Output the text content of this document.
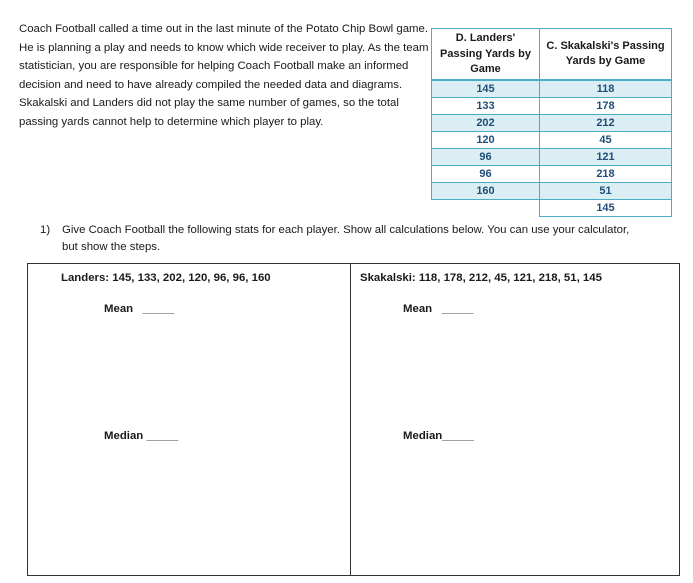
Coach Football called a time out in the last minute of the Potato Chip Bowl game. He is planning a play and needs to know which wide receiver to play. As the team statistician, you are responsible for helping Coach Football make an informed decision and need to have already compiled the needed data and diagrams. Skakalski and Landers did not play the same number of games, so the total passing yards cannot help to determine which player to play.
D. Landers' Passing Yards by Game	C. Skakalski's Passing Yards by Game
145	118
133	178
202	212
120	45
96	121
96	218
160	51
	145
1) Give Coach Football the following stats for each player. Show all calculations below. You can use your calculator, but show the steps.
Landers: 145, 133, 202, 120, 96, 96, 160
Mean   _____
Median _____
Skakalski: 118, 178, 212, 45, 121, 218, 51, 145
Mean   _____
Median_____
